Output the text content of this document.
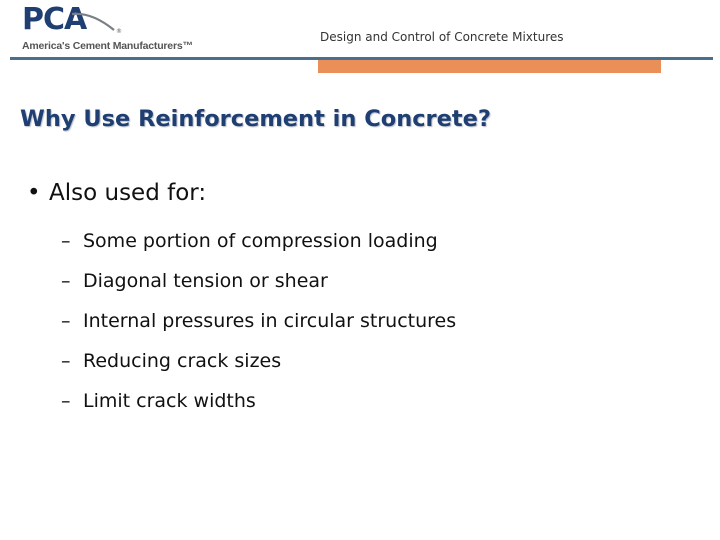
PCA	®
America's Cement Manufacturers™
Design and Control of Concrete Mixtures
Why Use Reinforcement in Concrete?
• Also used for:
– Some portion of compression loading
– Diagonal tension or shear
– Internal pressures in circular structures
– Reducing crack sizes
– Limit crack widths
